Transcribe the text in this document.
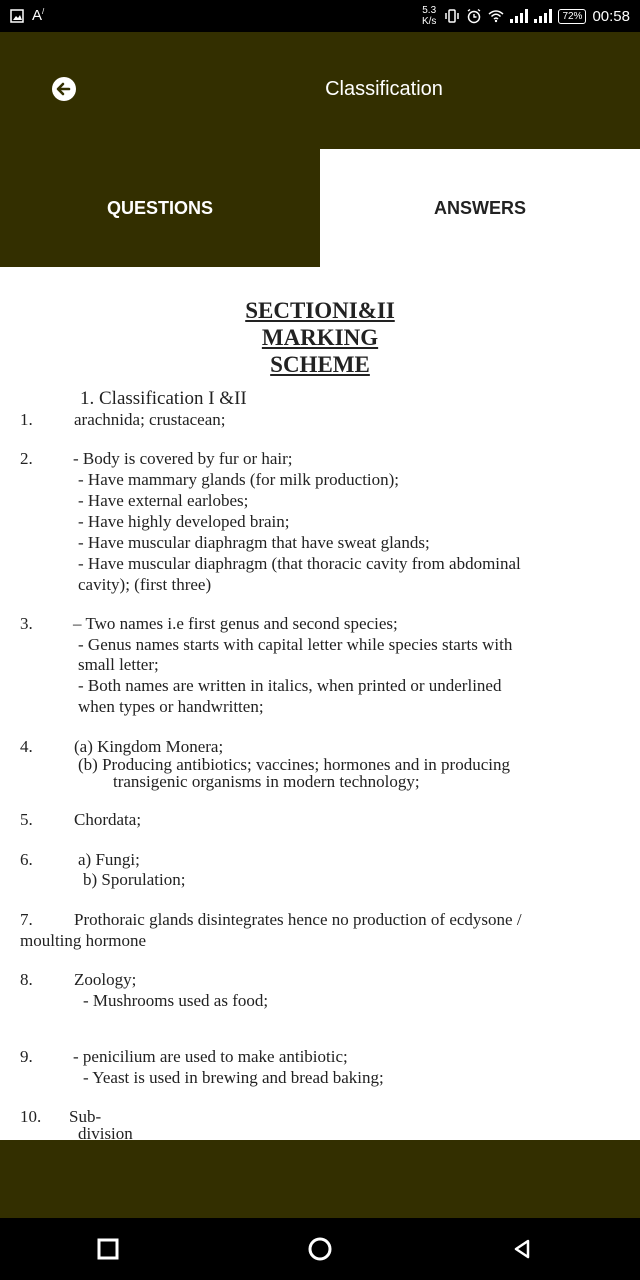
A/	5.3
K/s	72% 00:58
Classification
QUESTIONS	ANSWERS
SECTIONI&II
MARKING
SCHEME
1. Classification I &II
1. arachnida; crustacean;
2. - Body is covered by fur or hair;
- Have mammary glands (for milk production);
- Have external earlobes;
- Have highly developed brain;
- Have muscular diaphragm that have sweat glands;
- Have muscular diaphragm (that thoracic cavity from abdominal
cavity); (first three)
3. – Two names i.e first genus and second species;
- Genus names starts with capital letter while species starts with
small letter;
- Both names are written in italics, when printed or underlined
when types or handwritten;
4. (a) Kingdom Monera;
(b) Producing antibiotics; vaccines; hormones and in producing
transigenic organisms in modern technology;
5. Chordata;
6.	a) Fungi;
b) Sporulation;
7. Prothoraic glands disintegrates hence no production of ecdysone /
moulting hormone
8. Zoology;
- Mushrooms used as food;
9. - penicilium are used to make antibiotic;
- Yeast is used in brewing and bread baking;
10. Sub-
division
